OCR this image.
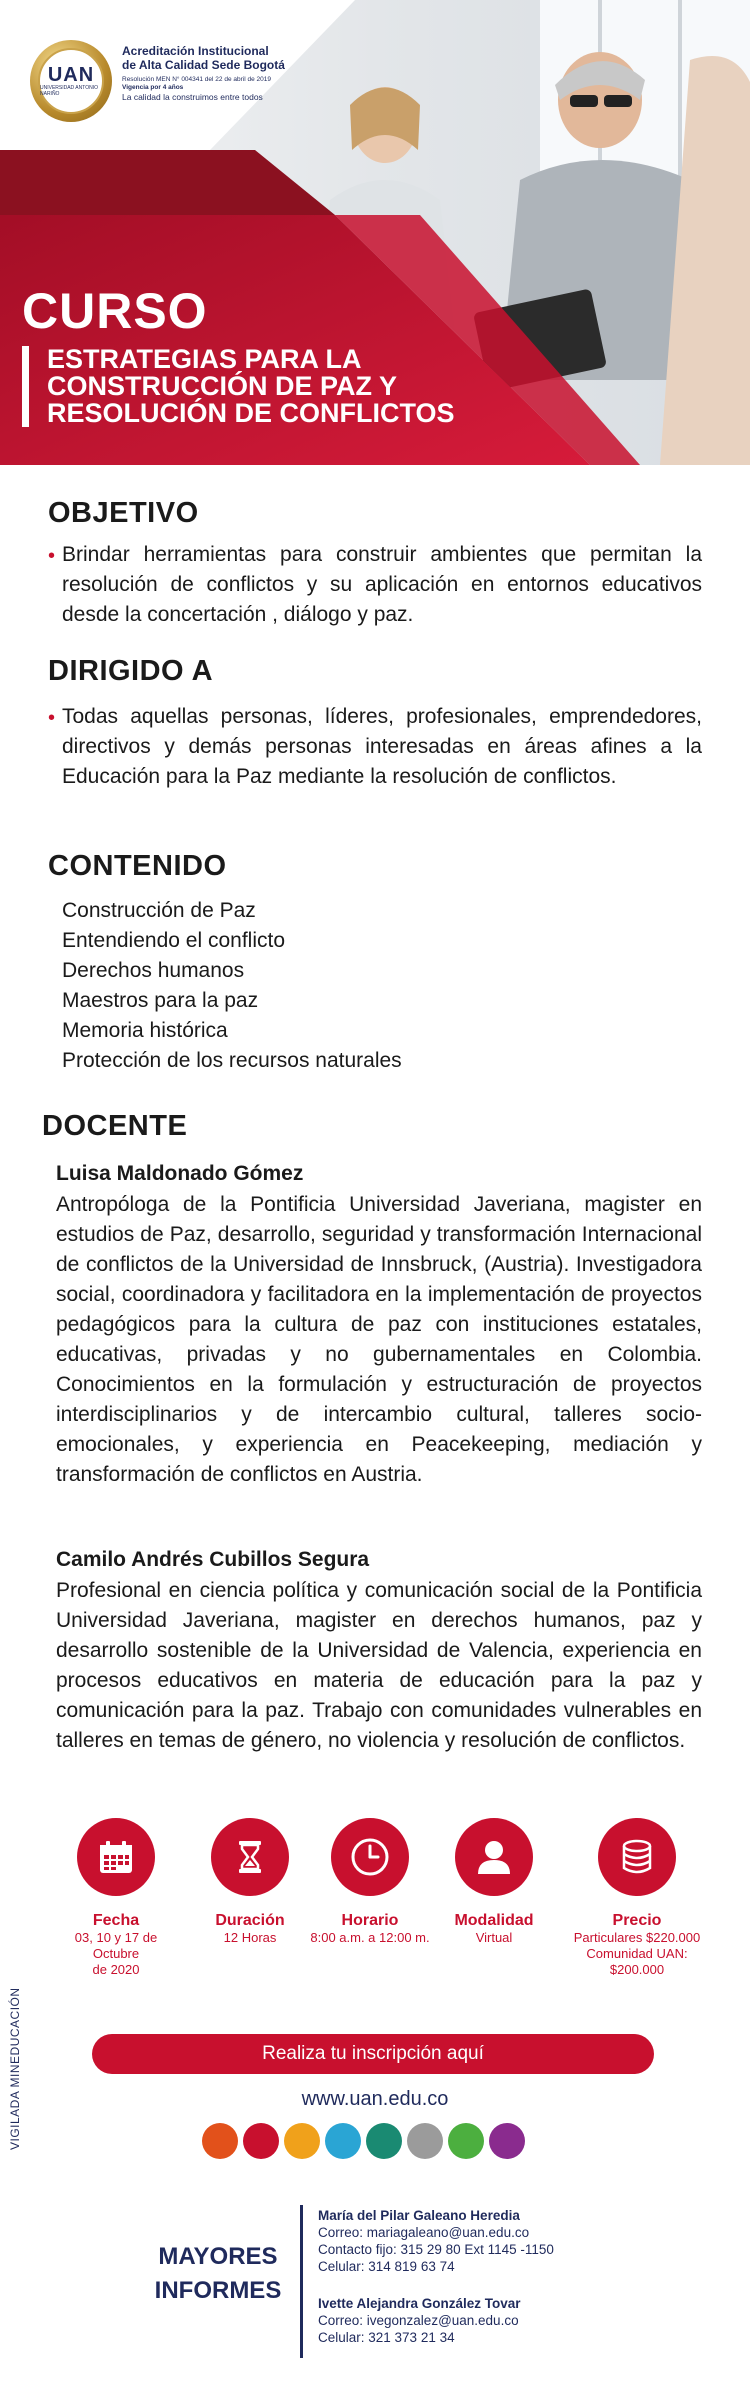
UAN
UNIVERSIDAD ANTONIO NARIÑO
Acreditación Institucional
de Alta Calidad Sede Bogotá
Resolución MEN N° 004341 del 22 de abril de 2019
Vigencia por 4 años
La calidad la construimos entre todos
CURSO
ESTRATEGIAS PARA LA
CONSTRUCCIÓN DE PAZ Y
RESOLUCIÓN DE CONFLICTOS
OBJETIVO
• Brindar herramientas para construir ambientes que permitan la resolución de conflictos y su aplicación en entornos educativos desde la concertación , diálogo y paz.
DIRIGIDO A
• Todas aquellas personas, líderes, profesionales, emprendedores, directivos y demás personas interesadas en áreas afines a la Educación para la Paz mediante la resolución de conflictos.
CONTENIDO
Construcción de Paz
Entendiendo el conflicto
Derechos humanos
Maestros para la paz
Memoria histórica
Protección de los recursos naturales
DOCENTE
Luisa Maldonado Gómez
Antropóloga de la Pontificia Universidad Javeriana, magister en estudios de Paz, desarrollo, seguridad y transformación Internacional de conflictos de la Universidad de Innsbruck, (Austria). Investigadora social, coordinadora y facilitadora en la implementación de proyectos pedagógicos para la cultura de paz con instituciones estatales, educativas, privadas y no gubernamentales en Colombia. Conocimientos en la formulación y estructuración de proyectos interdisciplinarios y de intercambio cultural, talleres socio-emocionales, y experiencia en Peacekeeping, mediación y transformación de conflictos en Austria.
Camilo Andrés Cubillos Segura
Profesional en ciencia política y comunicación social de la Pontificia Universidad Javeriana, magister en derechos humanos, paz y desarrollo sostenible de la Universidad de Valencia, experiencia en procesos educativos en materia de educación para la paz y comunicación para la paz. Trabajo con comunidades vulnerables en talleres en temas de género, no violencia y resolución de conflictos.
Fecha
03, 10 y 17 de
Octubre
de 2020
Duración
12 Horas
Horario
8:00 a.m. a 12:00 m.
Modalidad
Virtual
Precio
Particulares $220.000
Comunidad UAN: $200.000
VIGILADA MINEDUCACIÓN	Realiza tu inscripción aquí
www.uan.edu.co
MAYORES
INFORMES
María del Pilar Galeano Heredia
Correo: mariagaleano@uan.edu.co
Contacto fijo: 315 29 80 Ext 1145 -1150
Celular: 314 819 63 74
Ivette Alejandra González Tovar
Correo: ivegonzalez@uan.edu.co
Celular: 321 373 21 34
